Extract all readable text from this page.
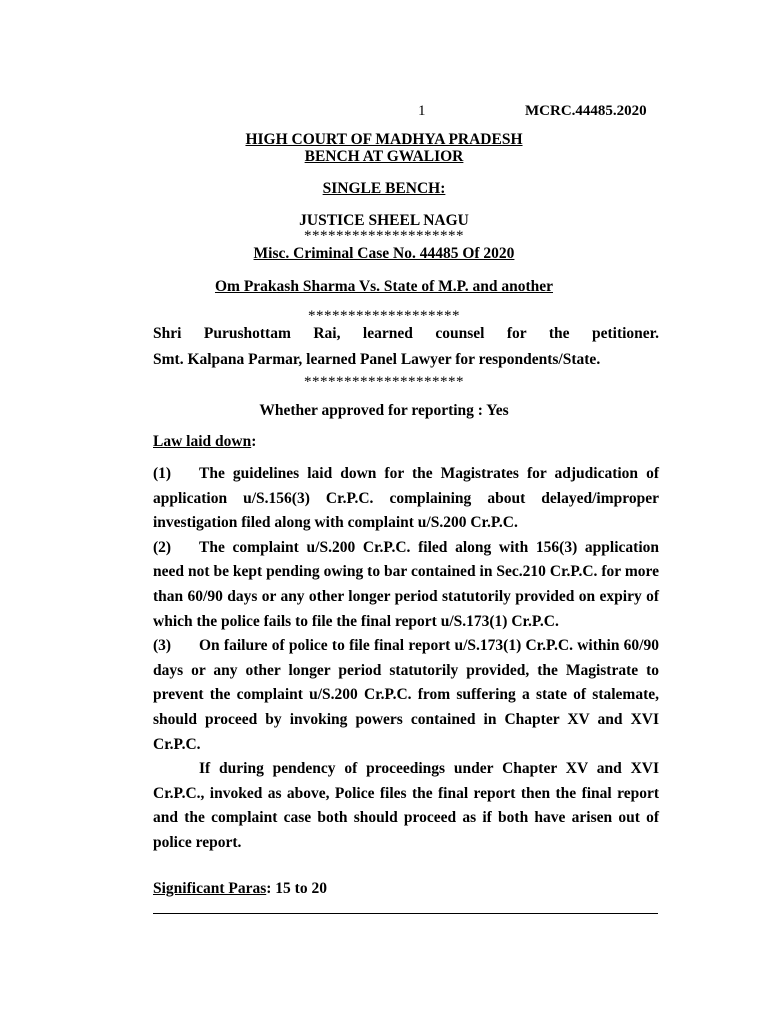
1	MCRC.44485.2020
HIGH COURT OF MADHYA PRADESH
BENCH AT GWALIOR
SINGLE BENCH:
JUSTICE SHEEL NAGU
********************
Misc. Criminal Case No. 44485 Of 2020
Om Prakash Sharma Vs. State of M.P. and another
*******************

Shri Purushottam Rai, learned counsel for the petitioner.

Smt. Kalpana Parmar, learned Panel Lawyer for respondents/State.

********************
Whether approved for reporting : Yes
Law laid down:

(1) The guidelines laid down for the Magistrates for adjudication of application u/S.156(3) Cr.P.C. complaining about delayed/improper investigation filed along with complaint u/S.200 Cr.P.C.

(2) The complaint u/S.200 Cr.P.C. filed along with 156(3) application need not be kept pending owing to bar contained in Sec.210 Cr.P.C. for more than 60/90 days or any other longer period statutorily provided on expiry of which the police fails to file the final report u/S.173(1) Cr.P.C.

(3) On failure of police to file final report u/S.173(1) Cr.P.C. within 60/90 days or any other longer period statutorily provided, the Magistrate to prevent the complaint u/S.200 Cr.P.C. from suffering a state of stalemate, should proceed by invoking powers contained in Chapter XV and XVI Cr.P.C.

If during pendency of proceedings under Chapter XV and XVI Cr.P.C., invoked as above, Police files the final report then the final report and the complaint case both should proceed as if both have arisen out of police report.

Significant Paras: 15 to 20
